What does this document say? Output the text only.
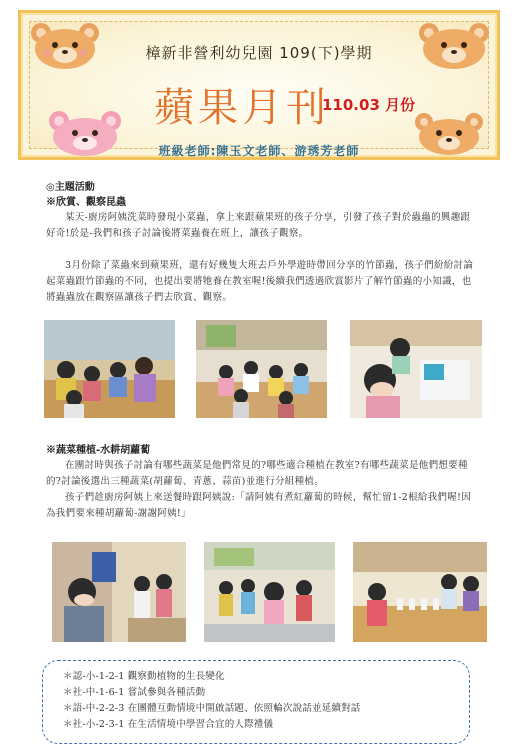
樟新非營利幼兒園 109(下)學期
蘋果月刊
110.03 月份
班級老師:陳玉文老師、游琇芳老師
◎主題活動
※欣賞、觀察昆蟲
某天-廚房阿姨洗菜時發現小菜蟲，拿上來跟蘋果班的孩子分享，引發了孩子對於蟲蟲的興趣跟好奇!於是-我們和孩子討論後將菜蟲養在班上，讓孩子觀察。
3月份除了菜蟲來到蘋果班，還有好幾隻大班去戶外學遊時帶回分享的竹節蟲，孩子們紛紛討論起菜蟲跟竹節蟲的不同，也提出要將牠養在教室喔!後續我們透過欣賞影片了解竹節蟲的小知識，也將蟲蟲放在觀察區讓孩子們去欣賞、觀察。
※蔬菜種植-水耕胡蘿蔔
在團討時與孩子討論有哪些蔬菜是他們常見的?哪些適合種植在教室?有哪些蔬菜是他們想要種的?討論後選出三種蔬菜(胡蘿蔔、青蔥、蒜苗)並進行分組種植。
孩子們趁廚房阿姨上來送餐時跟阿姨說:「請阿姨有煮紅蘿蔔的時候，幫忙留1-2根給我們喔!因為我們要來種胡蘿蔔-謝謝阿姨!」
＊認-小-1-2-1 觀察動植物的生長變化
＊社-中-1-6-1 嘗試參與各種活動
＊語-中-2-2-3 在團體互動情境中開啟話題、依照輪次說話並延續對話
＊社-小-2-3-1 在生活情境中學習合宜的人際禮儀
